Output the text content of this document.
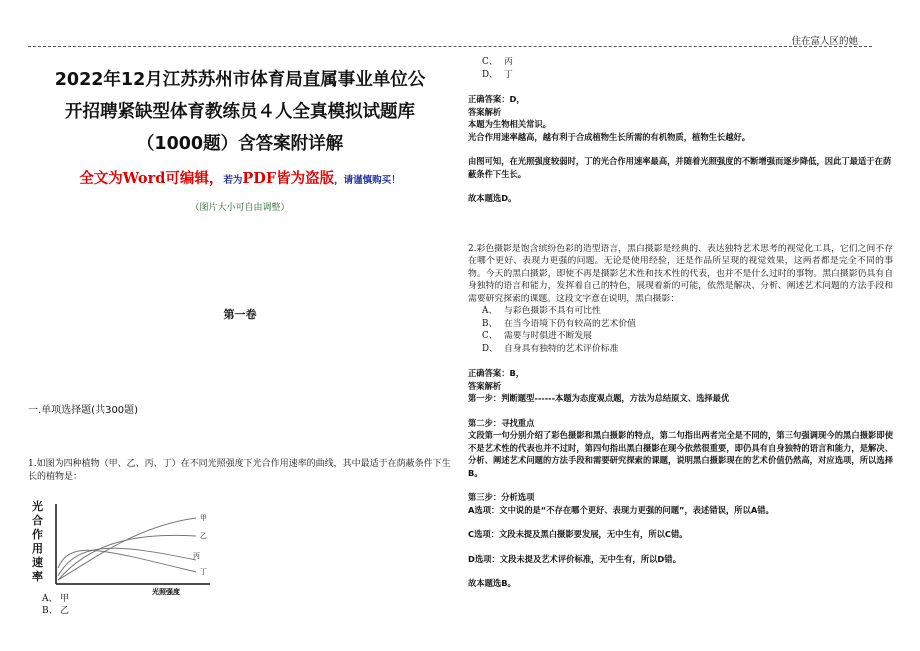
住在富人区的她
2022年12月江苏苏州市体育局直属事业单位公
开招聘紧缺型体育教练员４人全真模拟试题库
（1000题）含答案附详解
全文为Word可编辑，若为PDF皆为盗版，请谨慎购买！
（图片大小可自由调整）
第一卷
一.单项选择题(共300题)
1.如图为四种植物（甲、乙、丙、丁）在不同光照强度下光合作用速率的曲线，其中最适于在荫蔽条件下生长的植物是：
光
合
作
用
速
率
甲
乙
丙
丁
光照强度
A、 甲
B、 乙
C、 丙
D、 丁
正确答案：D，
答案解析
本题为生物相关常识。
光合作用速率越高，越有利于合成植物生长所需的有机物质，植物生长越好。
由图可知，在光照强度较弱时，丁的光合作用速率最高，并随着光照强度的不断增强而逐步降低，因此丁最适于在荫蔽条件下生长。
故本题选D。
2.彩色摄影是饱含缤纷色彩的造型语言，黑白摄影是经典的、表达独特艺术思考的视觉化工具，它们之间不存在哪个更好、表现力更强的问题。无论是使用经验，还是作品所呈现的视觉效果，这两者都是完全不同的事物。今天的黑白摄影，即使不再是摄影艺术性和技术性的代表，也并不是什么过时的事物。黑白摄影仍具有自身独特的语言和能力，发挥着自己的特色，展现着新的可能，依然是解决、分析、阐述艺术问题的方法手段和需要研究探索的课题。这段文字意在说明，黑白摄影：
A、 与彩色摄影不具有可比性
B、 在当今语境下仍有较高的艺术价值
C、 需要与时俱进不断发展
D、 自身具有独特的艺术评价标准
正确答案：B，
答案解析
第一步：判断题型------本题为态度观点题，方法为总结原文、选择最优
第二步：寻找重点
文段第一句分别介绍了彩色摄影和黑白摄影的特点，第二句指出两者完全是不同的，第三句强调现今的黑白摄影即使不是艺术性的代表也并不过时，第四句指出黑白摄影在现今依然很重要，即仍具有自身独特的语言和能力，是解决、分析、阐述艺术问题的方法手段和需要研究探索的课题，说明黑白摄影现在的艺术价值仍然高，对应选项，所以选择B。
第三步：分析选项
A选项：文中说的是“不存在哪个更好、表现力更强的问题”，表述错误，所以A错。
C选项：文段未提及黑白摄影要发展，无中生有，所以C错。
D选项：文段未提及艺术评价标准，无中生有，所以D错。
故本题选B。
